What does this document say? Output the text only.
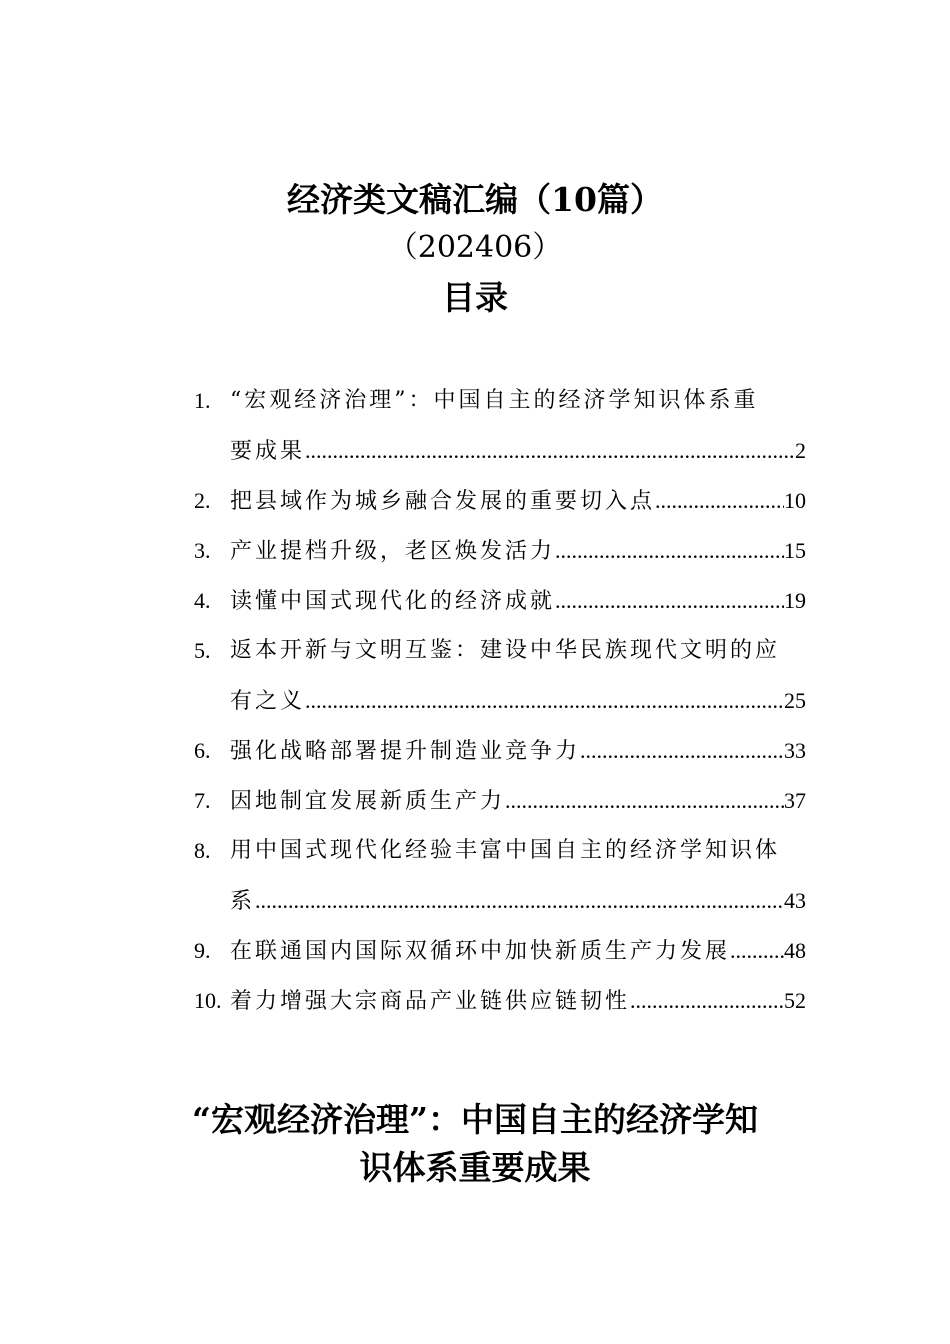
经济类文稿汇编（10篇）
（202406）
目录
1. “宏观经济治理”：中国自主的经济学知识体系重
要成果 .....	2
2. 把县域作为城乡融合发展的重要切入点 .....	10
3. 产业提档升级，老区焕发活力 .....	15
4. 读懂中国式现代化的经济成就 .....	19
5. 返本开新与文明互鉴：建设中华民族现代文明的应
有之义 .....	25
6. 强化战略部署提升制造业竞争力 .....	33
7. 因地制宜发展新质生产力 .....	37
8. 用中国式现代化经验丰富中国自主的经济学知识体
系 .....	43
9. 在联通国内国际双循环中加快新质生产力发展 ..... 48
10. 着力增强大宗商品产业链供应链韧性 .....	52
“宏观经济治理”：中国自主的经济学知
识体系重要成果
